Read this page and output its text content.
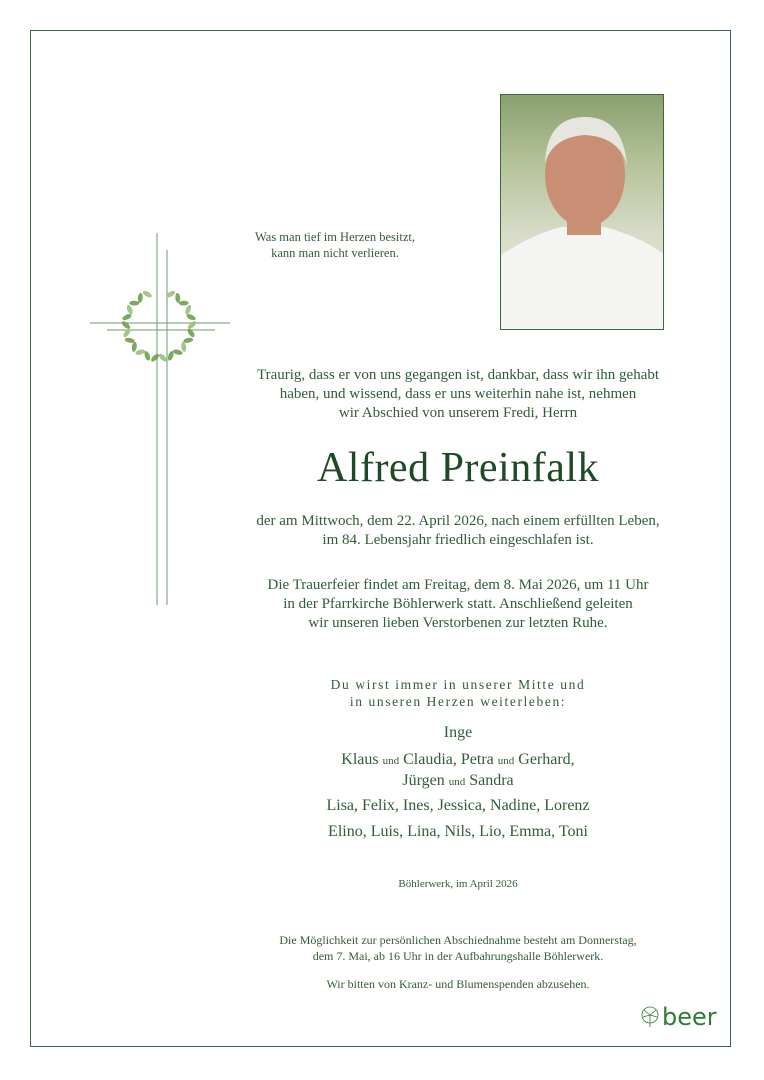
Was man tief im Herzen besitzt,
kann man nicht verlieren.
Traurig, dass er von uns gegangen ist, dankbar, dass wir ihn gehabt
haben, und wissend, dass er uns weiterhin nahe ist, nehmen
wir Abschied von unserem Fredi, Herrn
Alfred Preinfalk
der am Mittwoch, dem 22. April 2026, nach einem erfüllten Leben,
im 84. Lebensjahr friedlich eingeschlafen ist.
Die Trauerfeier findet am Freitag, dem 8. Mai 2026, um 11 Uhr
in der Pfarrkirche Böhlerwerk statt. Anschließend geleiten
wir unseren lieben Verstorbenen zur letzten Ruhe.
Du wirst immer in unserer Mitte und
in unseren Herzen weiterleben:
Inge
Klaus und Claudia, Petra und Gerhard,
Jürgen und Sandra
Lisa, Felix, Ines, Jessica, Nadine, Lorenz
Elino, Luis, Lina, Nils, Lio, Emma, Toni
Böhlerwerk, im April 2026
Die Möglichkeit zur persönlichen Abschiednahme besteht am Donnerstag,
dem 7. Mai, ab 16 Uhr in der Aufbahrungshalle Böhlerwerk.
Wir bitten von Kranz- und Blumenspenden abzusehen.
beer
